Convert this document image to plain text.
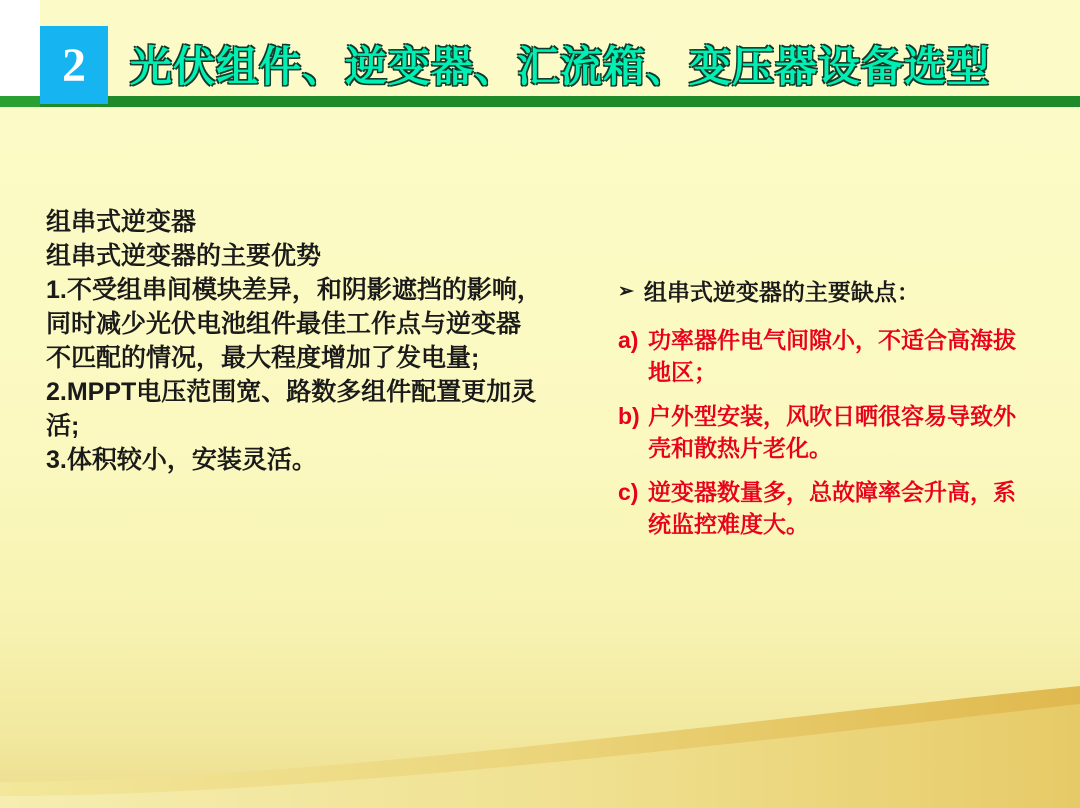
2	光伏组件、逆变器、汇流箱、变压器设备选型

组串式逆变器

组串式逆变器的主要优势

1.不受组串间模块差异，和阴影遮挡的影响，

同时减少光伏电池组件最佳工作点与逆变器

不匹配的情况，最大程度增加了发电量;

2.MPPT电压范围宽、路数多组件配置更加灵

活;

3.体积较小，安装灵活。

➢ 组串式逆变器的主要缺点：
a) 功率器件电气间隙小，不适合高海拔地区；
b) 户外型安装，风吹日晒很容易导致外壳和散热片老化。
c) 逆变器数量多，总故障率会升高，系统监控难度大。
